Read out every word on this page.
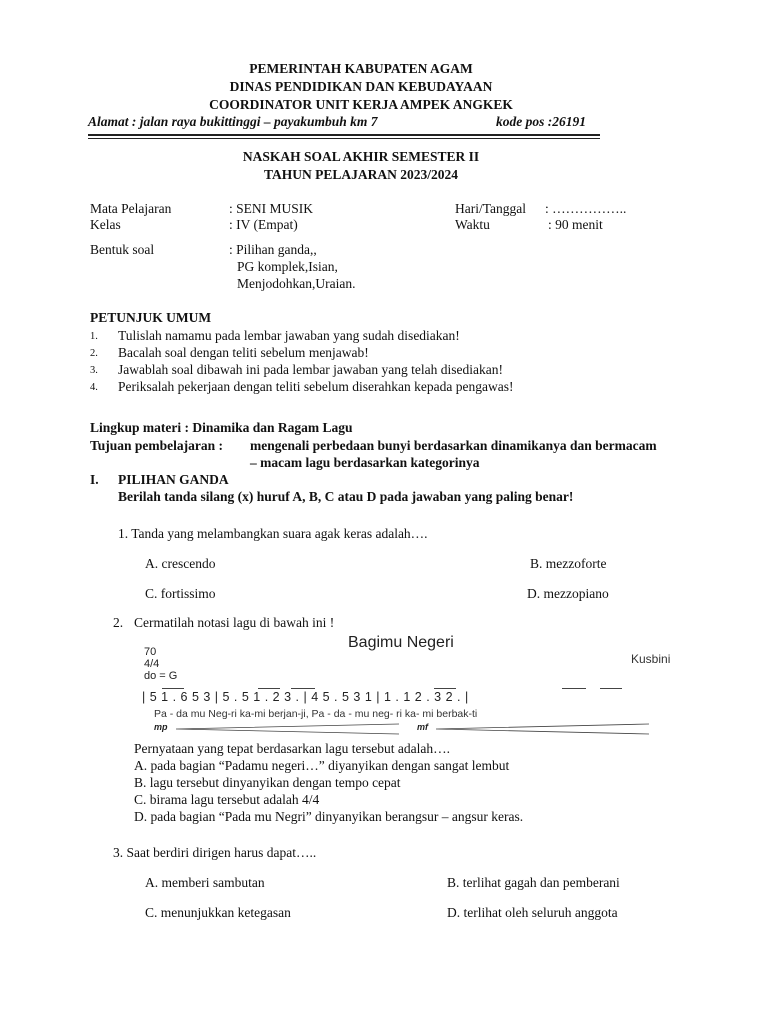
PEMERINTAH KABUPATEN AGAM
DINAS PENDIDIKAN DAN KEBUDAYAAN
COORDINATOR UNIT KERJA AMPEK ANGKEK
Alamat : jalan raya bukittinggi – payakumbuh km 7	kode pos :26191
NASKAH SOAL AKHIR SEMESTER II
TAHUN PELAJARAN 2023/2024
Mata Pelajaran	: SENI MUSIK	Hari/Tanggal : ……………..
Kelas	: IV (Empat)	Waktu	: 90 menit
Bentuk soal	: Pilihan ganda,,
PG komplek,Isian,
Menjodohkan,Uraian.
PETUNJUK UMUM
1. Tulislah namamu pada lembar jawaban yang sudah disediakan!
2. Bacalah soal dengan teliti sebelum menjawab!
3. Jawablah soal dibawah ini pada lembar jawaban yang telah disediakan!
4. Periksalah pekerjaan dengan teliti sebelum diserahkan kepada pengawas!
Lingkup materi : Dinamika dan Ragam Lagu
Tujuan pembelajaran : mengenali perbedaan bunyi berdasarkan dinamikanya dan bermacam
– macam lagu berdasarkan kategorinya
I. PILIHAN GANDA
Berilah tanda silang (x) huruf A, B, C atau D pada jawaban yang paling benar!
1. Tanda yang melambangkan suara agak keras adalah….
A. crescendo	B. mezzoforte
C. fortissimo	D. mezzopiano
2. Cermatilah notasi lagu di bawah ini !
Bagimu Negeri
Kusbini
70
4/4
do = G
| 5 1 . 6 5 3 | 5 . 5 1 . 2 3 . | 4 5 . 5 3 1 | 1 . 1 2 . 3 2 . |
Pa - da mu Neg-ri ka-mi berjan-ji, Pa - da - mu neg- ri ka- mi berbak-ti
mp	mf
Pernyataan yang tepat berdasarkan lagu tersebut adalah….
A. pada bagian “Padamu negeri…” diyanyikan dengan sangat lembut
B. lagu tersebut dinyanyikan dengan tempo cepat
C. birama lagu tersebut adalah 4/4
D. pada bagian “Pada mu Negri” dinyanyikan berangsur – angsur keras.
3. Saat berdiri dirigen harus dapat…..
A. memberi sambutan	B. terlihat gagah dan pemberani
C. menunjukkan ketegasan	D. terlihat oleh seluruh anggota
